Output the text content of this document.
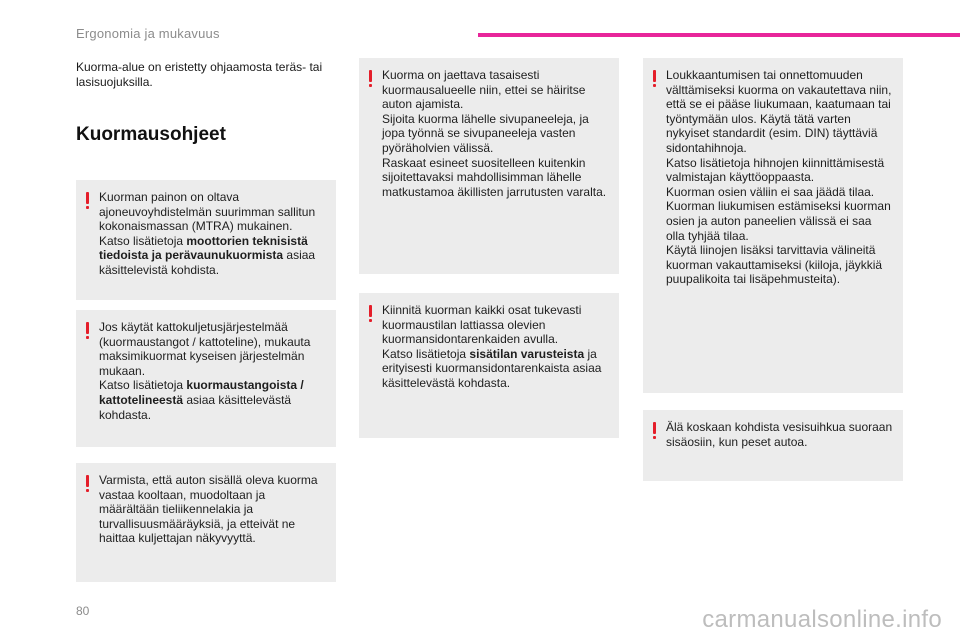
Ergonomia ja mukavuus
Kuorma-alue on eristetty ohjaamosta teräs- tai lasisuojuksilla.
Kuormausohjeet
Kuorman painon on oltava ajoneuvoyhdistelmän suurimman sallitun kokonaismassan (MTRA) mukainen.
Katso lisätietoja moottorien teknisistä tiedoista ja perävaunukuormista asiaa käsittelevistä kohdista.
Jos käytät kattokuljetusjärjestelmää (kuormaustangot / kattoteline), mukauta maksimikuormat kyseisen järjestelmän mukaan.
Katso lisätietoja kuormaustangoista / kattotelineestä asiaa käsittelevästä kohdasta.
Varmista, että auton sisällä oleva kuorma vastaa kooltaan, muodoltaan ja määrältään tieliikennelakia ja turvallisuusmääräyksiä, ja etteivät ne haittaa kuljettajan näkyvyyttä.
Kuorma on jaettava tasaisesti kuormausalueelle niin, ettei se häiritse auton ajamista.
Sijoita kuorma lähelle sivupaneeleja, ja jopa työnnä se sivupaneeleja vasten pyöräholvien välissä.
Raskaat esineet suositelleen kuitenkin sijoitettavaksi mahdollisimman lähelle matkustamoa äkillisten jarrutusten varalta.
Kiinnitä kuorman kaikki osat tukevasti kuormaustilan lattiassa olevien kuormansidontarenkaiden avulla.
Katso lisätietoja sisätilan varusteista ja erityisesti kuormansidontarenkaista asiaa käsittelevästä kohdasta.
Loukkaantumisen tai onnettomuuden välttämiseksi kuorma on vakautettava niin, että se ei pääse liukumaan, kaatumaan tai työntymään ulos. Käytä tätä varten nykyiset standardit (esim. DIN) täyttäviä sidontahihnoja.
Katso lisätietoja hihnojen kiinnittämisestä valmistajan käyttöoppaasta.
Kuorman osien väliin ei saa jäädä tilaa. Kuorman liukumisen estämiseksi kuorman osien ja auton paneelien välissä ei saa olla tyhjää tilaa.
Käytä liinojen lisäksi tarvittavia välineitä kuorman vakauttamiseksi (kiiloja, jäykkiä puupalikoita tai lisäpehmusteita).
Älä koskaan kohdista vesisuihkua suoraan sisäosiin, kun peset autoa.
80	carmanualsonline.info
